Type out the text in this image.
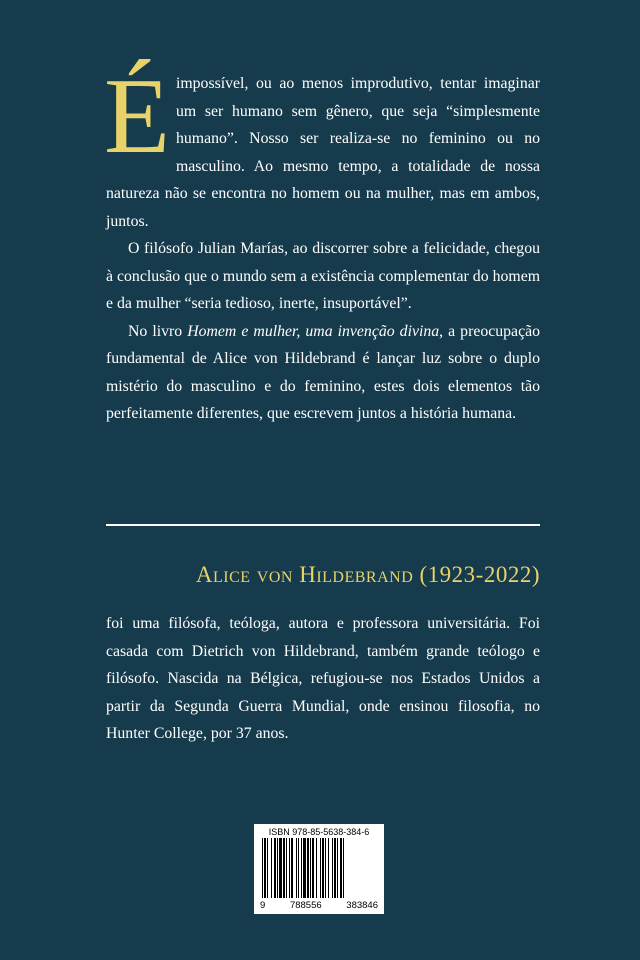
É impossível, ou ao menos improdutivo, tentar imaginar um ser humano sem gênero, que seja “simplesmente humano”. Nosso ser realiza-se no feminino ou no masculino. Ao mesmo tempo, a totalidade de nossa natureza não se encontra no homem ou na mulher, mas em ambos, juntos.

O filósofo Julian Marías, ao discorrer sobre a felicidade, chegou à conclusão que o mundo sem a existência complementar do homem e da mulher “seria tedioso, inerte, insuportável”.

No livro Homem e mulher, uma invenção divina, a preocupação fundamental de Alice von Hildebrand é lançar luz sobre o duplo mistério do masculino e do feminino, estes dois elementos tão perfeitamente diferentes, que escrevem juntos a história humana.

Alice von Hildebrand (1923-2022)

foi uma filósofa, teóloga, autora e professora universitária. Foi casada com Dietrich von Hildebrand, também grande teólogo e filósofo. Nascida na Bélgica, refugiou-se nos Estados Unidos a partir da Segunda Guerra Mundial, onde ensinou filosofia, no Hunter College, por 37 anos.

ISBN 978-85-5638-384-6
9	788556	383846
